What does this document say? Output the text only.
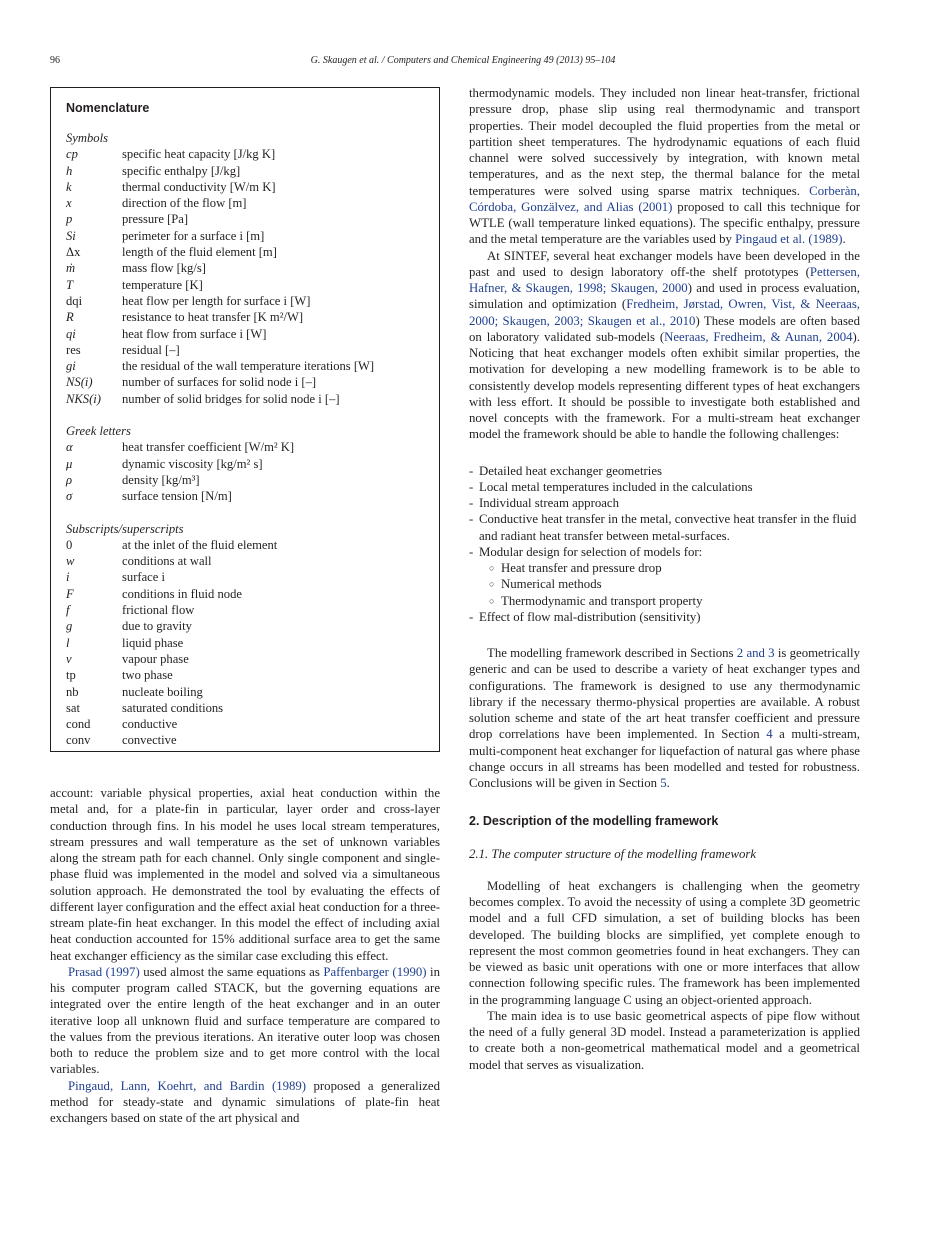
96	G. Skaugen et al. / Computers and Chemical Engineering 49 (2013) 95–104
Nomenclature
Symbols
cp	specific heat capacity [J/kg K]
h	specific enthalpy [J/kg]
k	thermal conductivity [W/m K]
x	direction of the flow [m]
p	pressure [Pa]
Si	perimeter for a surface i [m]
Δx	length of the fluid element [m]
ṁ	mass flow [kg/s]
T	temperature [K]
dqi	heat flow per length for surface i [W]
R	resistance to heat transfer [K m²/W]
qi	heat flow from surface i [W]
res	residual [–]
gi	the residual of the wall temperature iterations [W]
NS(i)	number of surfaces for solid node i [–]
NKS(i)	number of solid bridges for solid node i [–]
Greek letters
α	heat transfer coefficient [W/m² K]
μ	dynamic viscosity [kg/m² s]
ρ	density [kg/m³]
σ	surface tension [N/m]
Subscripts/superscripts
0	at the inlet of the fluid element
w	conditions at wall
i	surface i
F	conditions in fluid node
f	frictional flow
g	due to gravity
l	liquid phase
v	vapour phase
tp	two phase
nb	nucleate boiling
sat	saturated conditions
cond	conductive
conv	convective

account: variable physical properties, axial heat conduction within the metal and, for a plate-fin in particular, layer order and cross-layer conduction through fins. In his model he uses local stream temperatures, stream pressures and wall temperature as the set of unknown variables along the stream path for each channel. Only single component and single-phase fluid was implemented in the model and solved via a simultaneous solution approach. He demonstrated the tool by evaluating the effects of different layer configuration and the effect axial heat conduction for a three-stream plate-fin heat exchanger. In this model the effect of including axial heat conduction accounted for 15% additional surface area to get the same heat exchanger efficiency as the similar case excluding this effect.

Prasad (1997) used almost the same equations as Paffenbarger (1990) in his computer program called STACK, but the governing equations are integrated over the entire length of the heat exchanger and in an outer iterative loop all unknown fluid and surface temperature are compared to the values from the previous iterations. An iterative outer loop was chosen both to reduce the problem size and to get more control with the local variables.

Pingaud, Lann, Koehrt, and Bardin (1989) proposed a generalized method for steady-state and dynamic simulations of plate-fin heat exchangers based on state of the art physical and

thermodynamic models. They included non linear heat-transfer, frictional pressure drop, phase slip using real thermodynamic and transport properties. Their model decoupled the fluid properties from the metal or partition sheet temperatures. The hydrodynamic equations of each fluid channel were solved successively by integration, with known metal temperatures, and as the next step, the thermal balance for the metal temperatures were solved using sparse matrix techniques. Corberàn, Córdoba, Gonzälvez, and Alias (2001) proposed to call this technique for WTLE (wall temperature linked equations). The specific enthalpy, pressure and the metal temperature are the variables used by Pingaud et al. (1989).

At SINTEF, several heat exchanger models have been developed in the past and used to design laboratory off-the shelf prototypes (Pettersen, Hafner, & Skaugen, 1998; Skaugen, 2000) and used in process evaluation, simulation and optimization (Fredheim, Jørstad, Owren, Vist, & Neeraas, 2000; Skaugen, 2003; Skaugen et al., 2010) These models are often based on laboratory validated sub-models (Neeraas, Fredheim, & Aunan, 2004). Noticing that heat exchanger models often exhibit similar properties, the motivation for developing a new modelling framework is to be able to consistently develop models representing different types of heat exchangers with less effort. It should be possible to investigate both established and novel concepts with the framework. For a multi-stream heat exchanger model the framework should be able to handle the following challenges:

- Detailed heat exchanger geometries
- Local metal temperatures included in the calculations
- Individual stream approach
- Conductive heat transfer in the metal, convective heat transfer in the fluid and radiant heat transfer between metal-surfaces.
- Modular design for selection of models for:
○ Heat transfer and pressure drop
○ Numerical methods
○ Thermodynamic and transport property
- Effect of flow mal-distribution (sensitivity)

The modelling framework described in Sections 2 and 3 is geometrically generic and can be used to describe a variety of heat exchanger types and configurations. The framework is designed to use any thermodynamic library if the necessary thermo-physical properties are available. A robust solution scheme and state of the art heat transfer coefficient and pressure drop correlations have been implemented. In Section 4 a multi-stream, multi-component heat exchanger for liquefaction of natural gas where phase change occurs in all streams has been modelled and tested for robustness. Conclusions will be given in Section 5.

2. Description of the modelling framework

2.1. The computer structure of the modelling framework

Modelling of heat exchangers is challenging when the geometry becomes complex. To avoid the necessity of using a complete 3D geometric model and a full CFD simulation, a set of building blocks has been developed. The building blocks are simplified, yet complete enough to represent the most common geometries found in heat exchangers. They can be viewed as basic unit operations with one or more interfaces that allow connection following specific rules. The framework has been implemented in the programming language C using an object-oriented approach.

The main idea is to use basic geometrical aspects of pipe flow without the need of a fully general 3D model. Instead a parameterization is applied to create both a non-geometrical mathematical model and a geometrical model that serves as visualization.
